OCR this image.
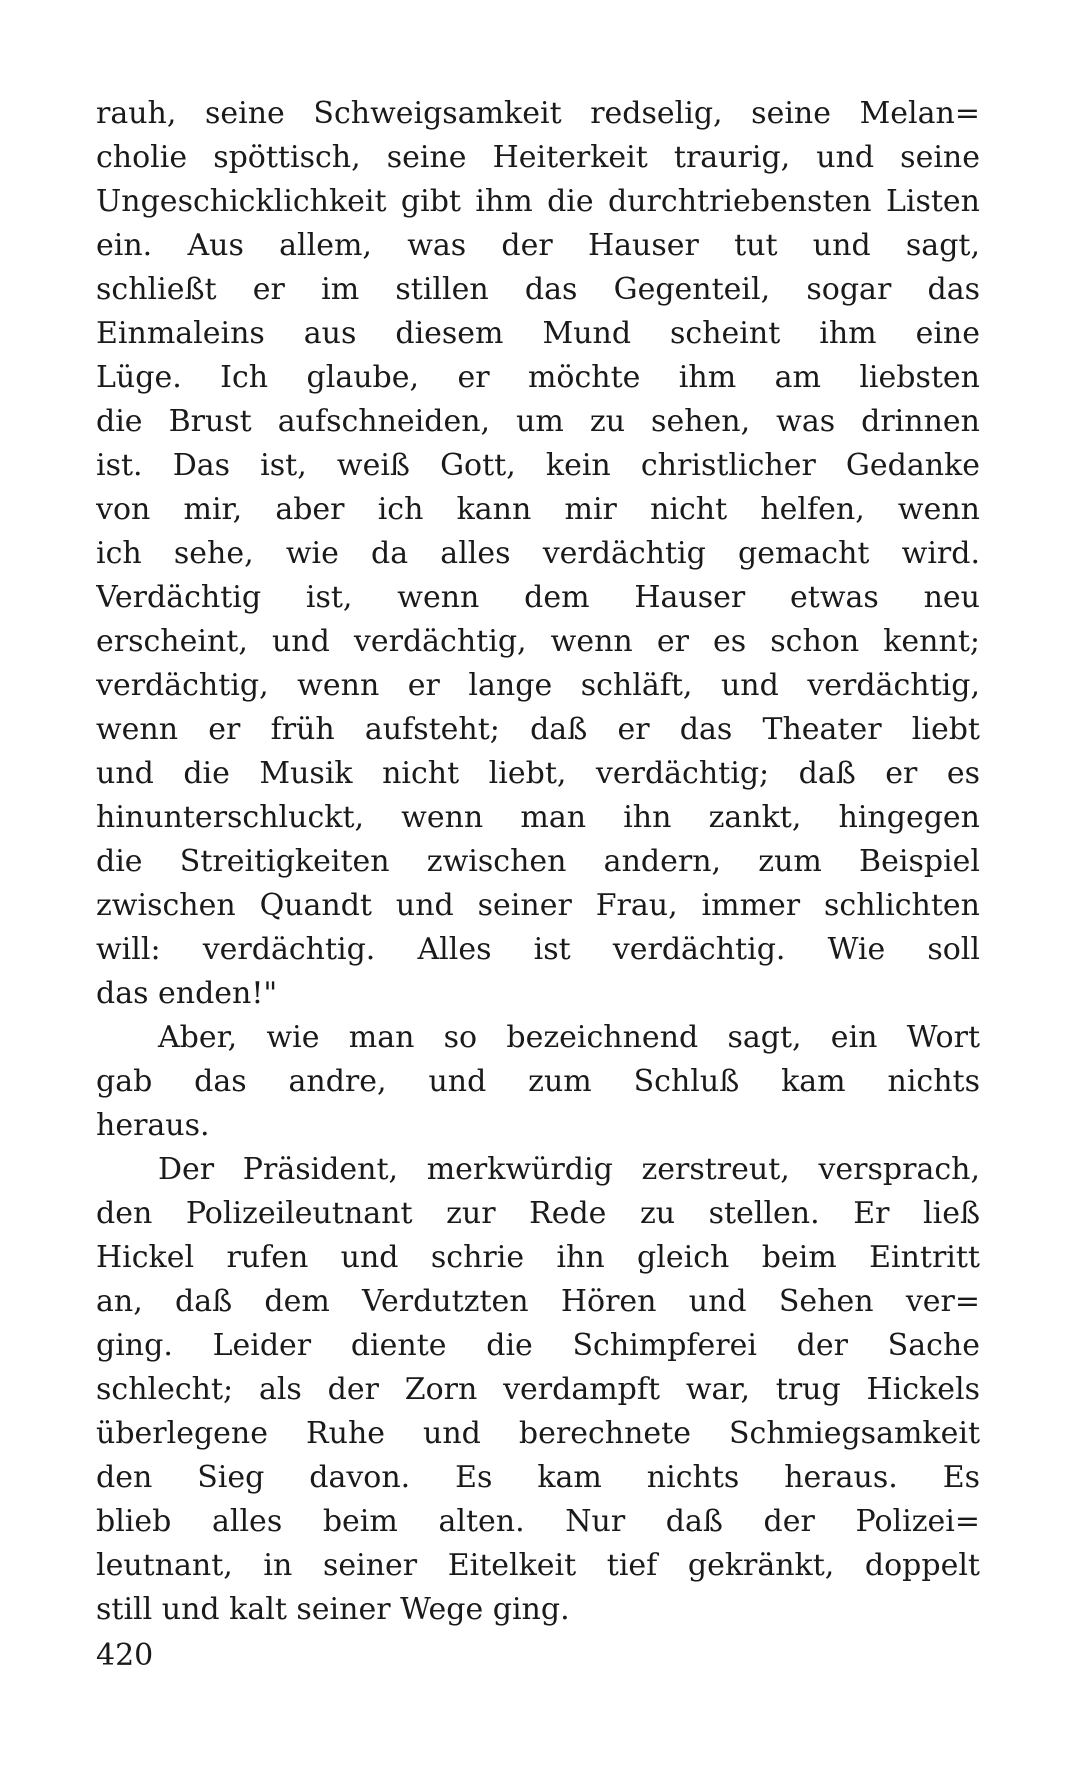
rauh, seine Schweigsamkeit redselig, seine Melan=
cholie spöttisch, seine Heiterkeit traurig, und seine
Ungeschicklichkeit gibt ihm die durchtriebensten Listen
ein. Aus allem, was der Hauser tut und sagt,
schließt er im stillen das Gegenteil, sogar das
Einmaleins aus diesem Mund scheint ihm eine
Lüge. Ich glaube, er möchte ihm am liebsten
die Brust aufschneiden, um zu sehen, was drinnen
ist. Das ist, weiß Gott, kein christlicher Gedanke
von mir, aber ich kann mir nicht helfen, wenn
ich sehe, wie da alles verdächtig gemacht wird.
Verdächtig ist, wenn dem Hauser etwas neu
erscheint, und verdächtig, wenn er es schon kennt;
verdächtig, wenn er lange schläft, und verdächtig,
wenn er früh aufsteht; daß er das Theater liebt
und die Musik nicht liebt, verdächtig; daß er es
hinunterschluckt, wenn man ihn zankt, hingegen
die Streitigkeiten zwischen andern, zum Beispiel
zwischen Quandt und seiner Frau, immer schlichten
will: verdächtig. Alles ist verdächtig. Wie soll
das enden!"
Aber, wie man so bezeichnend sagt, ein Wort
gab das andre, und zum Schluß kam nichts
heraus.
Der Präsident, merkwürdig zerstreut, versprach,
den Polizeileutnant zur Rede zu stellen. Er ließ
Hickel rufen und schrie ihn gleich beim Eintritt
an, daß dem Verdutzten Hören und Sehen ver=
ging. Leider diente die Schimpferei der Sache
schlecht; als der Zorn verdampft war, trug Hickels
überlegene Ruhe und berechnete Schmiegsamkeit
den Sieg davon. Es kam nichts heraus. Es
blieb alles beim alten. Nur daß der Polizei=
leutnant, in seiner Eitelkeit tief gekränkt, doppelt
still und kalt seiner Wege ging.
420
